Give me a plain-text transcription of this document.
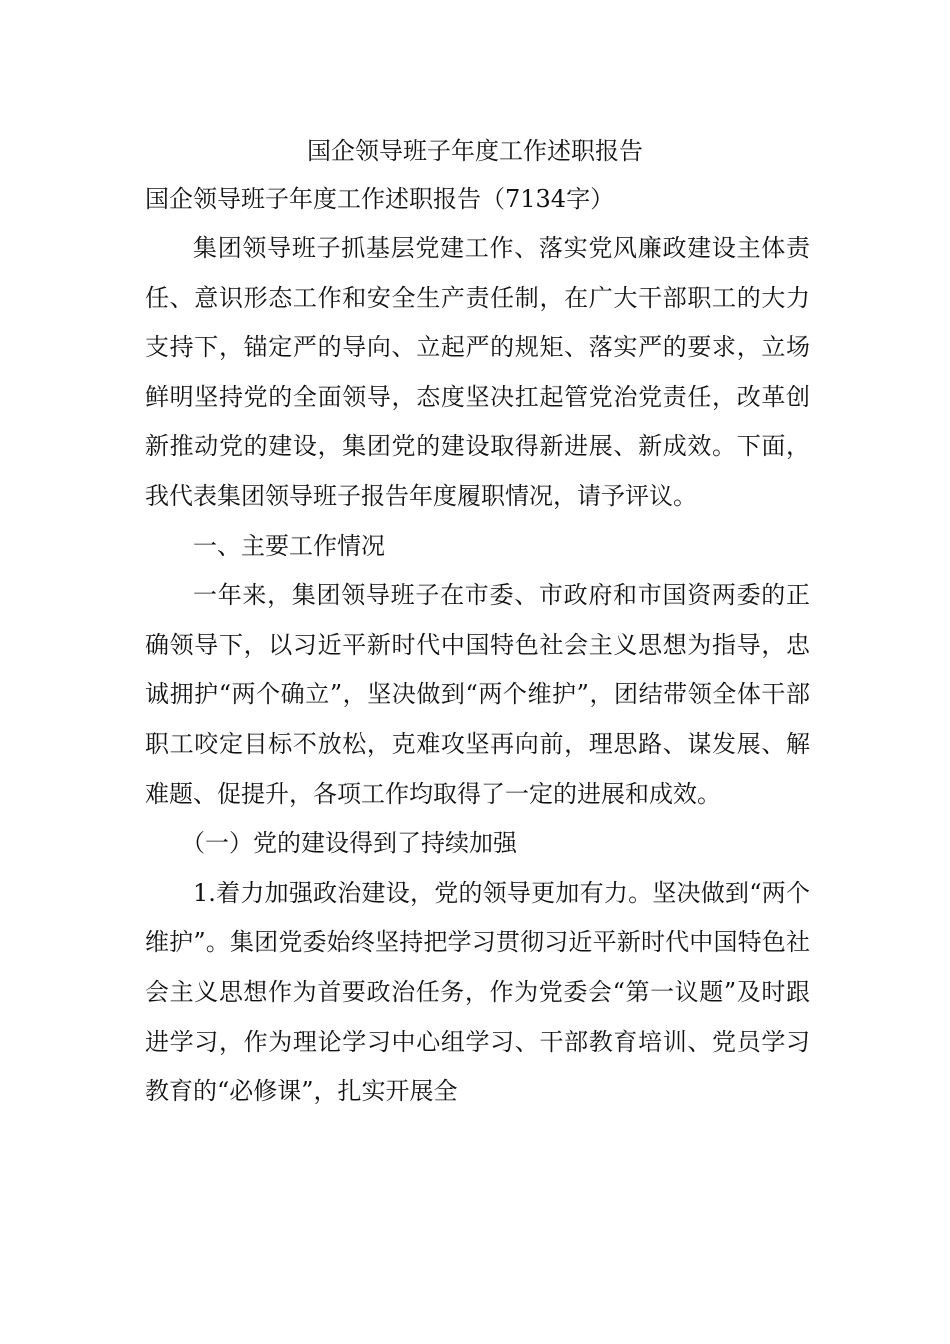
国企领导班子年度工作述职报告

国企领导班子年度工作述职报告（7134字）

集团领导班子抓基层党建工作、落实党风廉政建设主体责任、意识形态工作和安全生产责任制，在广大干部职工的大力支持下，锚定严的导向、立起严的规矩、落实严的要求，立场鲜明坚持党的全面领导，态度坚决扛起管党治党责任，改革创新推动党的建设，集团党的建设取得新进展、新成效。下面，我代表集团领导班子报告年度履职情况，请予评议。

一、主要工作情况

一年来，集团领导班子在市委、市政府和市国资两委的正确领导下，以习近平新时代中国特色社会主义思想为指导，忠诚拥护“两个确立”，坚决做到“两个维护”，团结带领全体干部职工咬定目标不放松，克难攻坚再向前，理思路、谋发展、解难题、促提升，各项工作均取得了一定的进展和成效。

（一）党的建设得到了持续加强

1.着力加强政治建设，党的领导更加有力。坚决做到“两个维护”。集团党委始终坚持把学习贯彻习近平新时代中国特色社会主义思想作为首要政治任务，作为党委会“第一议题”及时跟进学习，作为理论学习中心组学习、干部教育培训、党员学习教育的“必修课”，扎实开展全
